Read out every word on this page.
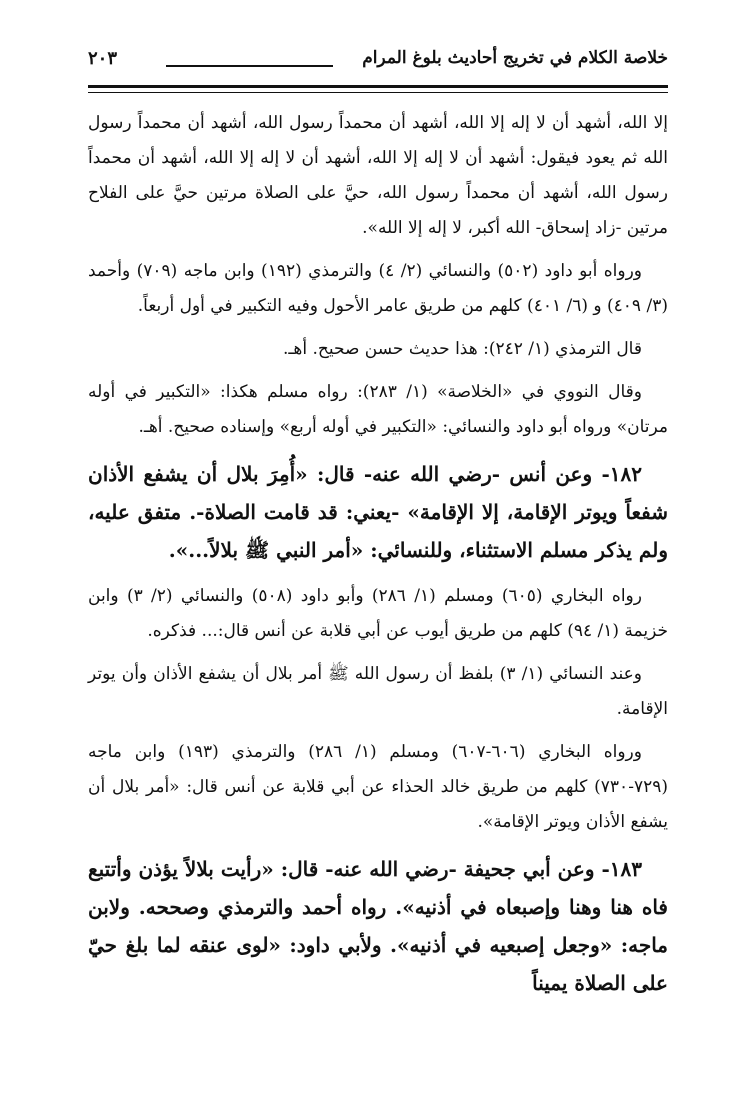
خلاصة الكلام في تخريج أحاديث بلوغ المرام
٢٠٣

إلا الله، أشهد أن لا إله إلا الله، أشهد أن محمداً رسول الله، أشهد أن محمداً رسول الله ثم يعود فيقول: أشهد أن لا إله إلا الله، أشهد أن لا إله إلا الله، أشهد أن محمداً رسول الله، أشهد أن محمداً رسول الله، حيَّ على الصلاة مرتين حيَّ على الفلاح مرتين -زاد إسحاق- الله أكبر، لا إله إلا الله».

ورواه أبو داود (٥٠٢) والنسائي (٢/ ٤) والترمذي (١٩٢) وابن ماجه (٧٠٩) وأحمد (٣/ ٤٠٩) و (٦/ ٤٠١) كلهم من طريق عامر الأحول وفيه التكبير في أول أربعاً.

قال الترمذي (١/ ٢٤٢): هذا حديث حسن صحيح. أهـ.

وقال النووي في «الخلاصة» (١/ ٢٨٣): رواه مسلم هكذا: «التكبير في أوله مرتان» ورواه أبو داود والنسائي: «التكبير في أوله أربع» وإسناده صحيح. أهـ.

١٨٢- وعن أنس -رضي الله عنه- قال: «أُمِرَ بلال أن يشفع الأذان شفعاً ويوتر الإقامة، إلا الإقامة» -يعني: قد قامت الصلاة-. متفق عليه، ولم يذكر مسلم الاستثناء، وللنسائي: «أمر النبي ﷺ بلالاً...».

رواه البخاري (٦٠٥) ومسلم (١/ ٢٨٦) وأبو داود (٥٠٨) والنسائي (٢/ ٣) وابن خزيمة (١/ ٩٤) كلهم من طريق أيوب عن أبي قلابة عن أنس قال:... فذكره.

وعند النسائي (١/ ٣) بلفظ أن رسول الله ﷺ أمر بلال أن يشفع الأذان وأن يوتر الإقامة.

ورواه البخاري (٦٠٦-٦٠٧) ومسلم (١/ ٢٨٦) والترمذي (١٩٣) وابن ماجه (٧٢٩-٧٣٠) كلهم من طريق خالد الحذاء عن أبي قلابة عن أنس قال: «أمر بلال أن يشفع الأذان ويوتر الإقامة».

١٨٣- وعن أبي جحيفة -رضي الله عنه- قال: «رأيت بلالاً يؤذن وأتتبع فاه هنا وهنا وإصبعاه في أذنيه». رواه أحمد والترمذي وصححه. ولابن ماجه: «وجعل إصبعيه في أذنيه». ولأبي داود: «لوى عنقه لما بلغ حيّ على الصلاة يميناً
